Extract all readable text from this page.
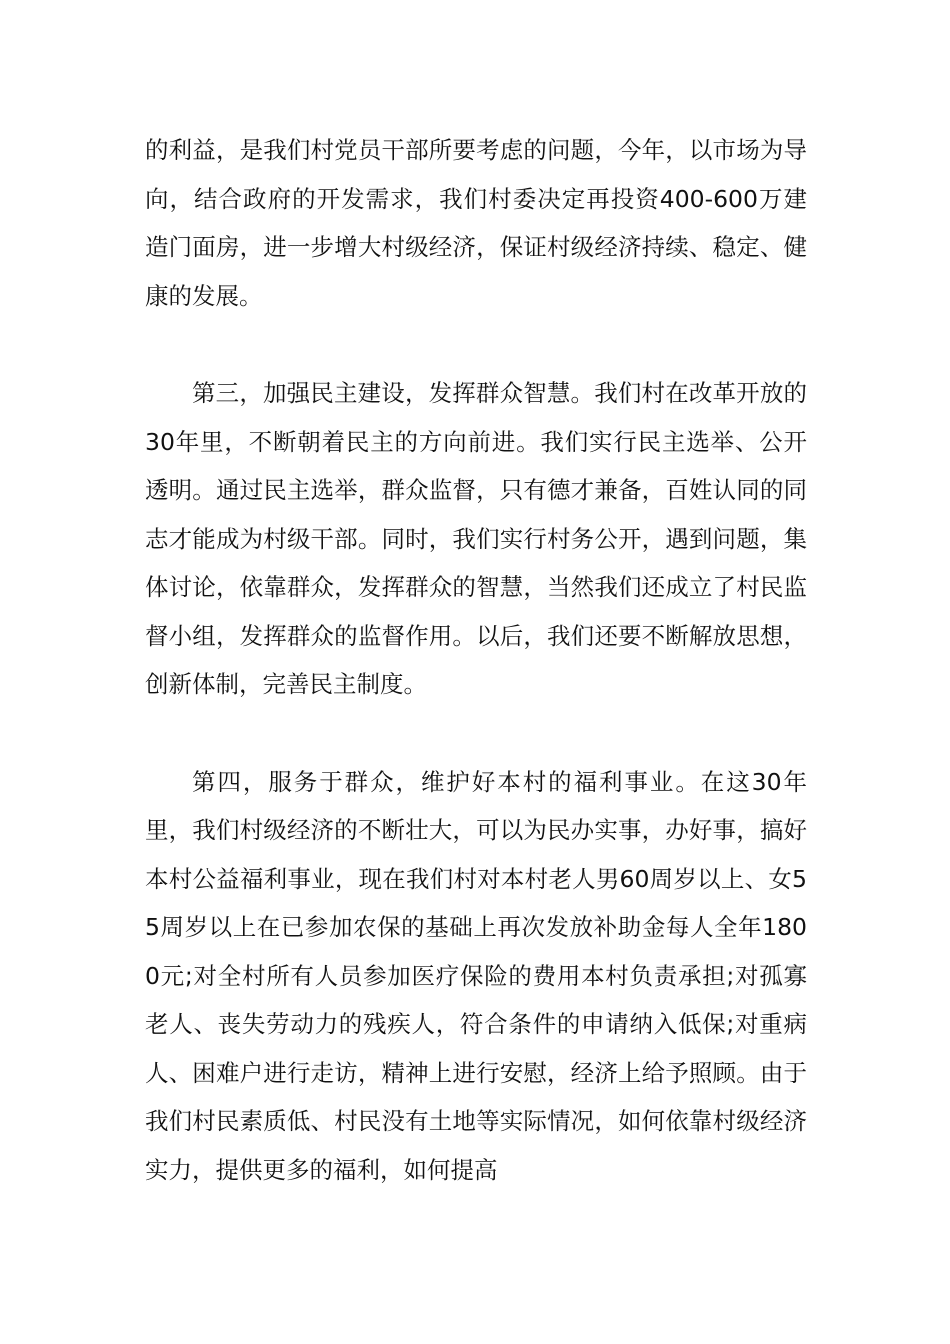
的利益，是我们村党员干部所要考虑的问题，今年，以市场为导向，结合政府的开发需求，我们村委决定再投资400-600万建造门面房，进一步增大村级经济，保证村级经济持续、稳定、健康的发展。

第三，加强民主建设，发挥群众智慧。我们村在改革开放的30年里，不断朝着民主的方向前进。我们实行民主选举、公开透明。通过民主选举，群众监督，只有德才兼备，百姓认同的同志才能成为村级干部。同时，我们实行村务公开，遇到问题，集体讨论，依靠群众，发挥群众的智慧，当然我们还成立了村民监督小组，发挥群众的监督作用。以后，我们还要不断解放思想，创新体制，完善民主制度。

第四，服务于群众，维护好本村的福利事业。在这30年里，我们村级经济的不断壮大，可以为民办实事，办好事，搞好本村公益福利事业，现在我们村对本村老人男60周岁以上、女55周岁以上在已参加农保的基础上再次发放补助金每人全年1800元;对全村所有人员参加医疗保险的费用本村负责承担;对孤寡老人、丧失劳动力的残疾人，符合条件的申请纳入低保;对重病人、困难户进行走访，精神上进行安慰，经济上给予照顾。由于我们村民素质低、村民没有土地等实际情况，如何依靠村级经济实力，提供更多的福利，如何提高
